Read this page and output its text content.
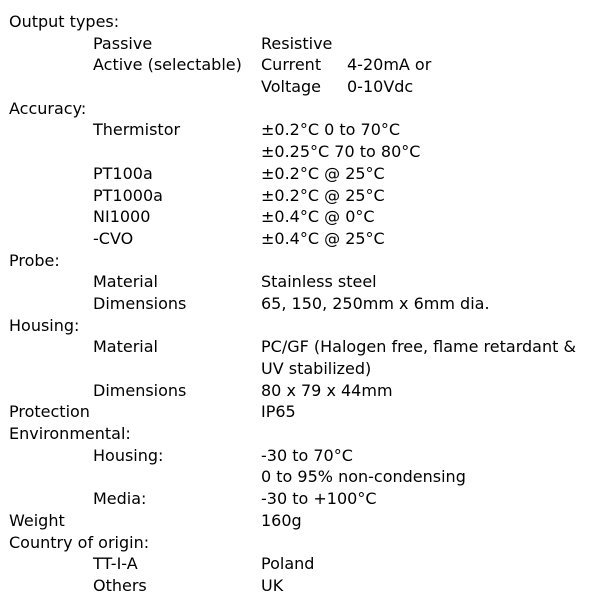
Output types:
Passive	Resistive
Active (selectable) Current 4-20mA or
Voltage 0-10Vdc
Accuracy:
Thermistor	±0.2°C 0 to 70°C
±0.25°C 70 to 80°C
PT100a	±0.2°C @ 25°C
PT1000a	±0.2°C @ 25°C
NI1000	±0.4°C @ 0°C
-CVO	±0.4°C @ 25°C
Probe:
Material	Stainless steel
Dimensions	65, 150, 250mm x 6mm dia.
Housing:
Material	PC/GF (Halogen free, flame retardant &
UV stabilized)
Dimensions	80 x 79 x 44mm
Protection	IP65
Environmental:
Housing:	-30 to 70°C
0 to 95% non-condensing
Media:	-30 to +100°C
Weight	160g
Country of origin:
TT-I-A	Poland
Others	UK
